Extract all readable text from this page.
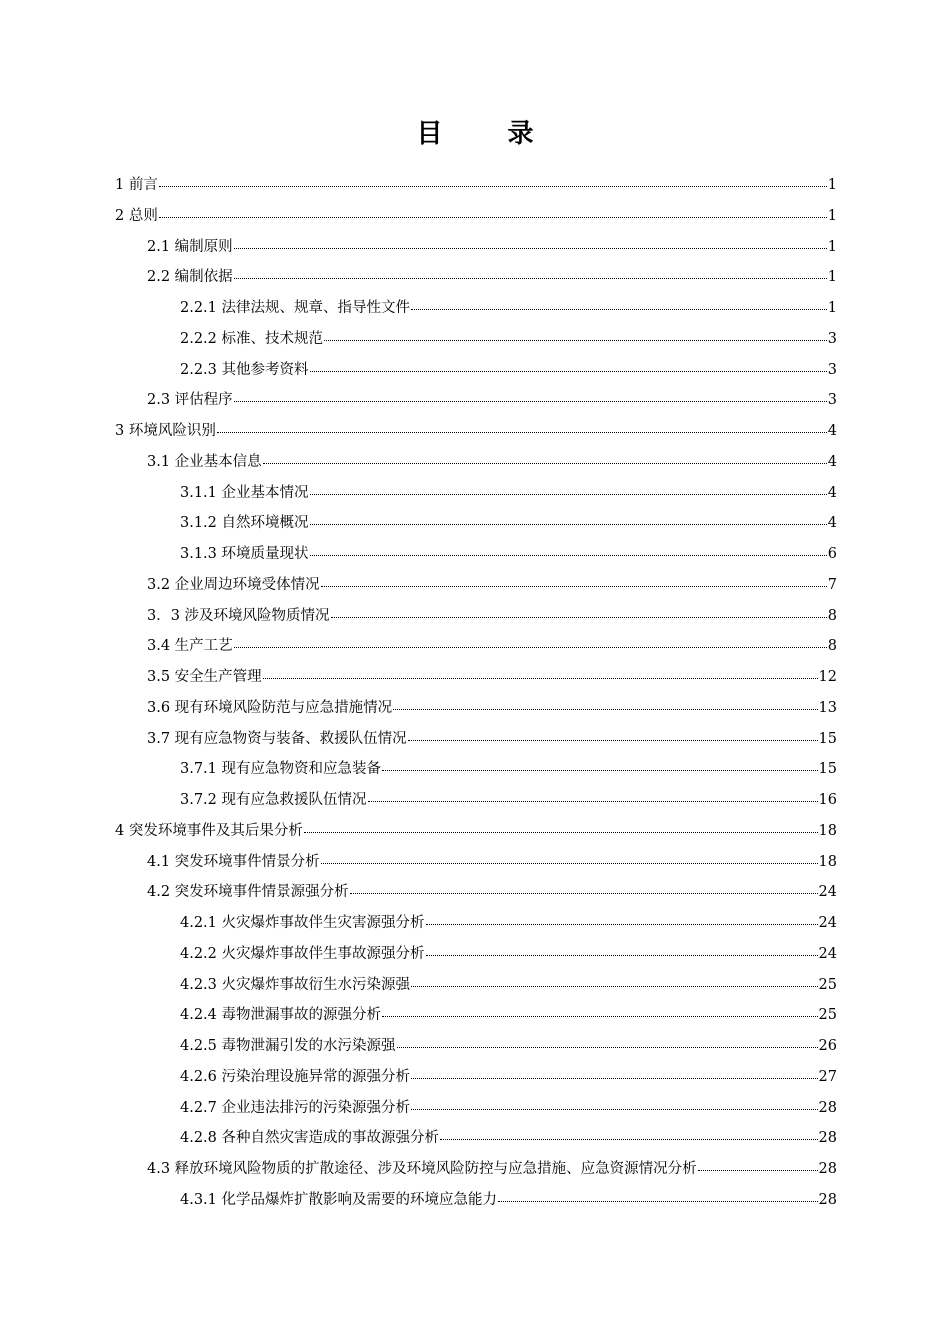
目 录
1 前言	1
2 总则	1
2.1 编制原则	1
2.2 编制依据	1
2.2.1 法律法规、规章、指导性文件	1
2.2.2 标准、技术规范	3
2.2.3 其他参考资料	3
2.3 评估程序	3
3 环境风险识别	4
3.1 企业基本信息	4
3.1.1 企业基本情况	4
3.1.2 自然环境概况	4
3.1.3 环境质量现状	6
3.2 企业周边环境受体情况	7
3．3 涉及环境风险物质情况	8
3.4 生产工艺	8
3.5 安全生产管理	12
3.6 现有环境风险防范与应急措施情况	13
3.7 现有应急物资与装备、救援队伍情况	15
3.7.1 现有应急物资和应急装备	15
3.7.2 现有应急救援队伍情况	16
4 突发环境事件及其后果分析	18
4.1 突发环境事件情景分析	18
4.2 突发环境事件情景源强分析	24
4.2.1 火灾爆炸事故伴生灾害源强分析	24
4.2.2 火灾爆炸事故伴生事故源强分析	24
4.2.3 火灾爆炸事故衍生水污染源强	25
4.2.4 毒物泄漏事故的源强分析	25
4.2.5 毒物泄漏引发的水污染源强	26
4.2.6 污染治理设施异常的源强分析	27
4.2.7 企业违法排污的污染源强分析	28
4.2.8 各种自然灾害造成的事故源强分析	28
4.3 释放环境风险物质的扩散途径、涉及环境风险防控与应急措施、应急资源情况分析	28
4.3.1 化学品爆炸扩散影响及需要的环境应急能力	28
